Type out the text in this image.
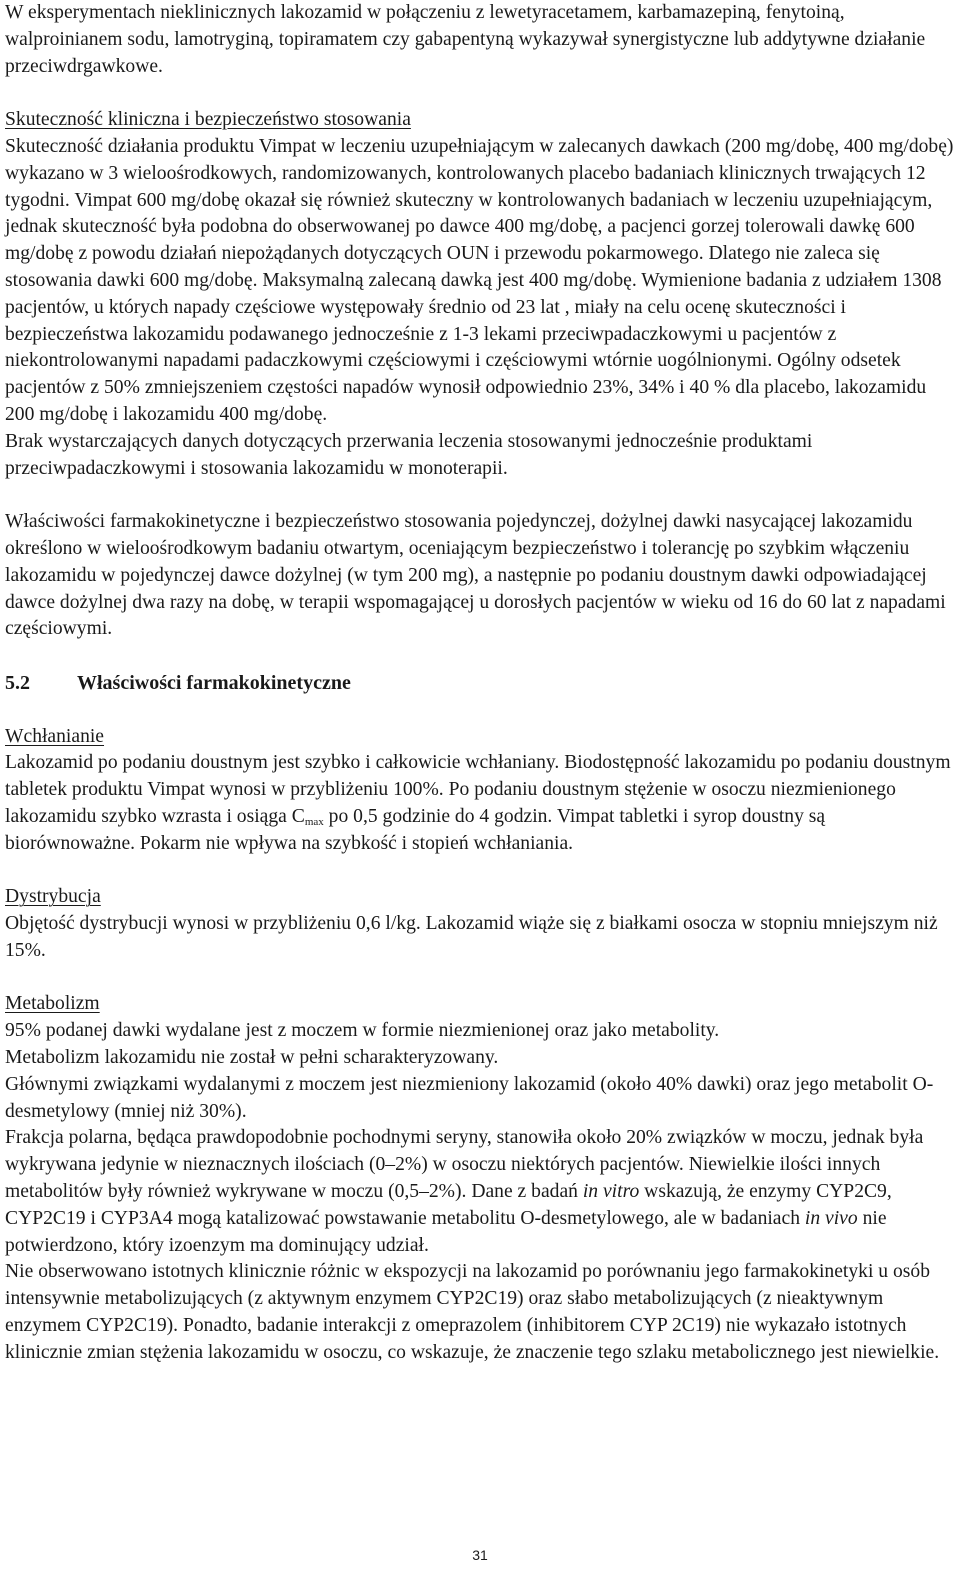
W eksperymentach nieklinicznych lakozamid w połączeniu z lewetyracetamem, karbamazepiną, fenytoiną, walproinianem sodu, lamotryginą, topiramatem czy gabapentyną wykazywał synergistyczne lub addytywne działanie przeciwdrgawkowe.

Skuteczność kliniczna i bezpieczeństwo stosowania

Skuteczność działania produktu Vimpat w leczeniu uzupełniającym w zalecanych dawkach (200 mg/dobę, 400 mg/dobę) wykazano w 3 wieloośrodkowych, randomizowanych, kontrolowanych placebo badaniach klinicznych trwających 12 tygodni. Vimpat 600 mg/dobę okazał się również skuteczny w kontrolowanych badaniach w leczeniu uzupełniającym, jednak skuteczność była podobna do obserwowanej po dawce 400 mg/dobę, a pacjenci gorzej tolerowali dawkę 600 mg/dobę z powodu działań niepożądanych dotyczących OUN i przewodu pokarmowego. Dlatego nie zaleca się stosowania dawki 600 mg/dobę. Maksymalną zalecaną dawką jest 400 mg/dobę. Wymienione badania z udziałem 1308 pacjentów, u których napady częściowe występowały średnio od 23 lat , miały na celu ocenę skuteczności i bezpieczeństwa lakozamidu podawanego jednocześnie z 1-3 lekami przeciwpadaczkowymi u pacjentów z niekontrolowanymi napadami padaczkowymi częściowymi i częściowymi wtórnie uogólnionymi. Ogólny odsetek pacjentów z 50% zmniejszeniem częstości napadów wynosił odpowiednio 23%, 34% i 40 % dla placebo, lakozamidu 200 mg/dobę i lakozamidu 400 mg/dobę.

Brak wystarczających danych dotyczących przerwania leczenia stosowanymi jednocześnie produktami przeciwpadaczkowymi i stosowania lakozamidu w monoterapii.

Właściwości farmakokinetyczne i bezpieczeństwo stosowania pojedynczej, dożylnej dawki nasycającej lakozamidu określono w wieloośrodkowym badaniu otwartym, oceniającym bezpieczeństwo i tolerancję po szybkim włączeniu lakozamidu w pojedynczej dawce dożylnej (w tym 200 mg), a następnie po podaniu doustnym dawki odpowiadającej dawce dożylnej dwa razy na dobę, w terapii wspomagającej u dorosłych pacjentów w wieku od 16 do 60 lat z napadami częściowymi.

5.2	Właściwości farmakokinetyczne

Wchłanianie

Lakozamid po podaniu doustnym jest szybko i całkowicie wchłaniany. Biodostępność lakozamidu po podaniu doustnym tabletek produktu Vimpat wynosi w przybliżeniu 100%. Po podaniu doustnym stężenie w osoczu niezmienionego lakozamidu szybko wzrasta i osiąga $C_{max}$ po 0,5 godzinie do 4 godzin. Vimpat tabletki i syrop doustny są biorównoważne. Pokarm nie wpływa na szybkość i stopień wchłaniania.

Dystrybucja

Objętość dystrybucji wynosi w przybliżeniu 0,6 l/kg. Lakozamid wiąże się z białkami osocza w stopniu mniejszym niż 15%.

Metabolizm

95% podanej dawki wydalane jest z moczem w formie niezmienionej oraz jako metabolity.

Metabolizm lakozamidu nie został w pełni scharakteryzowany.

Głównymi związkami wydalanymi z moczem jest niezmieniony lakozamid (około 40% dawki) oraz jego metabolit O-desmetylowy (mniej niż 30%).

Frakcja polarna, będąca prawdopodobnie pochodnymi seryny, stanowiła około 20% związków w moczu, jednak była wykrywana jedynie w nieznacznych ilościach (0–2%) w osoczu niektórych pacjentów. Niewielkie ilości innych metabolitów były również wykrywane w moczu (0,5–2%). Dane z badań in vitro wskazują, że enzymy CYP2C9, CYP2C19 i CYP3A4 mogą katalizować powstawanie metabolitu O-desmetylowego, ale w badaniach in vivo nie potwierdzono, który izoenzym ma dominujący udział.

Nie obserwowano istotnych klinicznie różnic w ekspozycji na lakozamid po porównaniu jego farmakokinetyki u osób intensywnie metabolizujących (z aktywnym enzymem CYP2C19) oraz słabo metabolizujących (z nieaktywnym enzymem CYP2C19). Ponadto, badanie interakcji z omeprazolem (inhibitorem CYP 2C19) nie wykazało istotnych klinicznie zmian stężenia lakozamidu w osoczu, co wskazuje, że znaczenie tego szlaku metabolicznego jest niewielkie.

31
